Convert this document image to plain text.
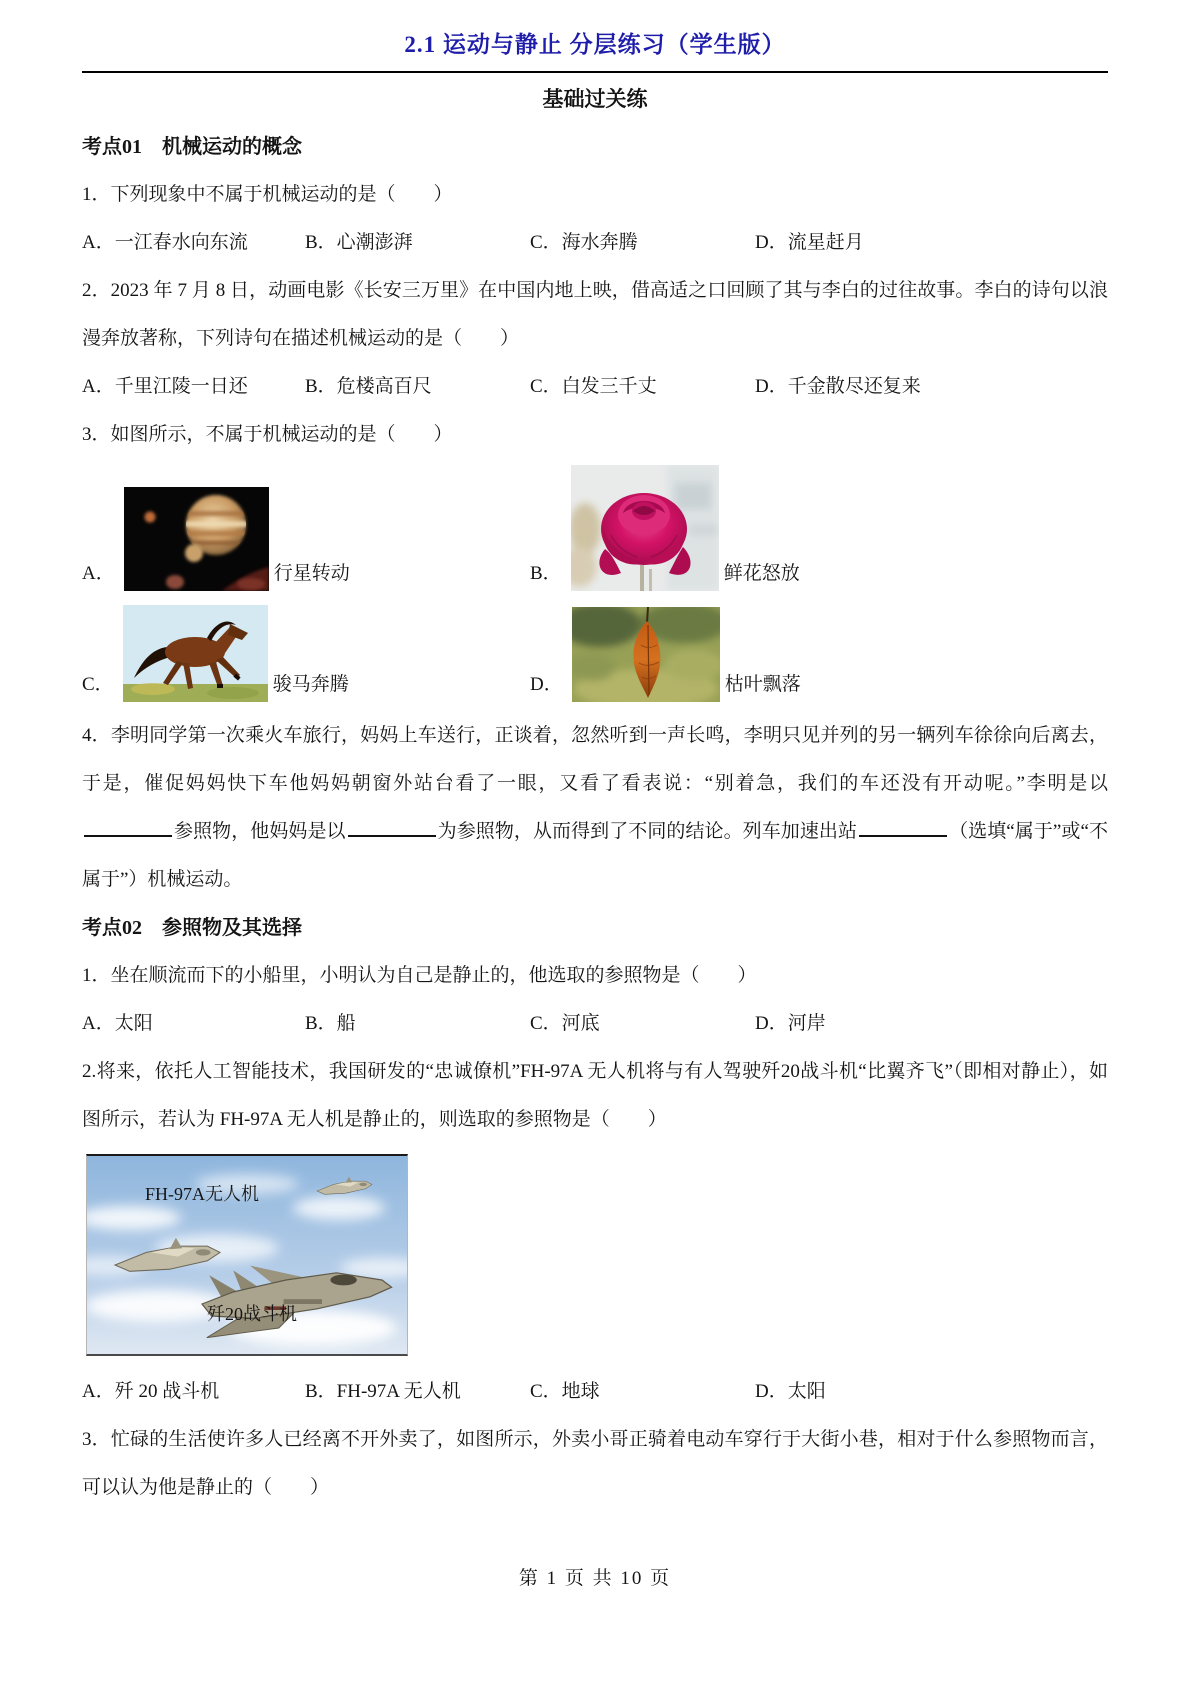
2.1 运动与静止 分层练习（学生版）
基础过关练
考点01　机械运动的概念
1．下列现象中不属于机械运动的是（　　）
A．一江春水向东流	B．心潮澎湃	C．海水奔腾	D．流星赶月
2．2023 年 7 月 8 日，动画电影《长安三万里》在中国内地上映，借高适之口回顾了其与李白的过往故事。李白的诗句以浪漫奔放著称，下列诗句在描述机械运动的是（　　）
A．千里江陵一日还	B．危楼高百尺	C．白发三千丈	D．千金散尽还复来
3．如图所示，不属于机械运动的是（　　）
A．	行星转动	B．	鲜花怒放
C．	骏马奔腾	D．	枯叶飘落
4．李明同学第一次乘火车旅行，妈妈上车送行，正谈着，忽然听到一声长鸣，李明只见并列的另一辆列车徐徐向后离去，于是，催促妈妈快下车他妈妈朝窗外站台看了一眼，又看了看表说：“别着急，我们的车还没有开动呢。”李明是以参照物，他妈妈是以	为参照物，从而得到了不同的结论。列车加速出站	（选填“属于”或“不属于”）机械运动。
考点02　参照物及其选择
1．坐在顺流而下的小船里，小明认为自己是静止的，他选取的参照物是（　　）
A．太阳	B．船	C．河底	D．河岸
2.将来，依托人工智能技术，我国研发的“忠诚僚机”FH-97A 无人机将与有人驾驶歼20战斗机“比翼齐飞”（即相对静止），如图所示，若认为 FH-97A 无人机是静止的，则选取的参照物是（　　）
FH-97A无人机
歼20战斗机
A．歼 20 战斗机	B．FH-97A 无人机	C．地球	D．太阳
3．忙碌的生活使许多人已经离不开外卖了，如图所示，外卖小哥正骑着电动车穿行于大街小巷，相对于什么参照物而言，可以认为他是静止的（　　）
第 1 页 共 10 页
